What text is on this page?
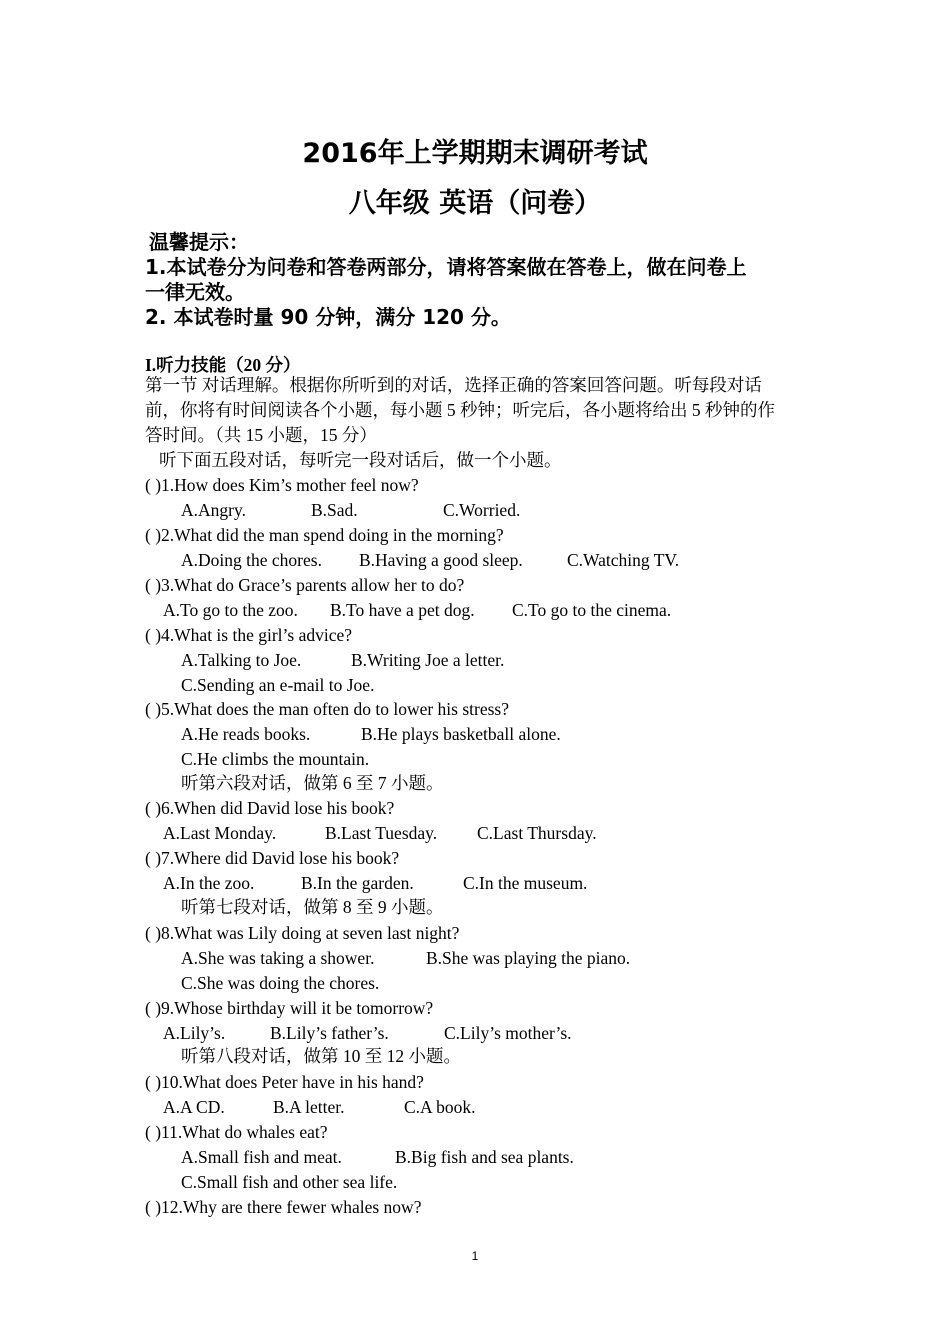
2016年上学期期末调研考试
八年级 英语（问卷）
温馨提示：
1.本试卷分为问卷和答卷两部分，请将答案做在答卷上，做在问卷上
一律无效。
2. 本试卷时量 90 分钟，满分 120 分。
I.听力技能（20 分）
第一节 对话理解。根据你所听到的对话，选择正确的答案回答问题。听每段对话
前，你将有时间阅读各个小题，每小题 5 秒钟；听完后，各小题将给出 5 秒钟的作
答时间。（共 15 小题，15 分）
听下面五段对话，每听完一段对话后，做一个小题。
( )1.How does Kim’s mother feel now?
A.Angry.	B.Sad.	C.Worried.
( )2.What did the man spend doing in the morning?
A.Doing the chores. B.Having a good sleep.	C.Watching TV.
( )3.What do Grace’s parents allow her to do?
A.To go to the zoo. B.To have a pet dog. C.To go to the cinema.
( )4.What is the girl’s advice?
A.Talking to Joe.	B.Writing Joe a letter.
C.Sending an e-mail to Joe.
( )5.What does the man often do to lower his stress?
A.He reads books.	B.He plays basketball alone.
C.He climbs the mountain.
听第六段对话，做第 6 至 7 小题。
( )6.When did David lose his book?
A.Last Monday.	B.Last Tuesday. C.Last Thursday.
( )7.Where did David lose his book?
A.In the zoo.	B.In the garden.	C.In the museum.
听第七段对话，做第 8 至 9 小题。
( )8.What was Lily doing at seven last night?
A.She was taking a shower.	B.She was playing the piano.
C.She was doing the chores.
( )9.Whose birthday will it be tomorrow?
A.Lily’s.	B.Lily’s father’s.	C.Lily’s mother’s.
听第八段对话，做第 10 至 12 小题。
( )10.What does Peter have in his hand?
A.A CD.	B.A letter.	C.A book.
( )11.What do whales eat?
A.Small fish and meat.	B.Big fish and sea plants.
C.Small fish and other sea life.
( )12.Why are there fewer whales now?
1
